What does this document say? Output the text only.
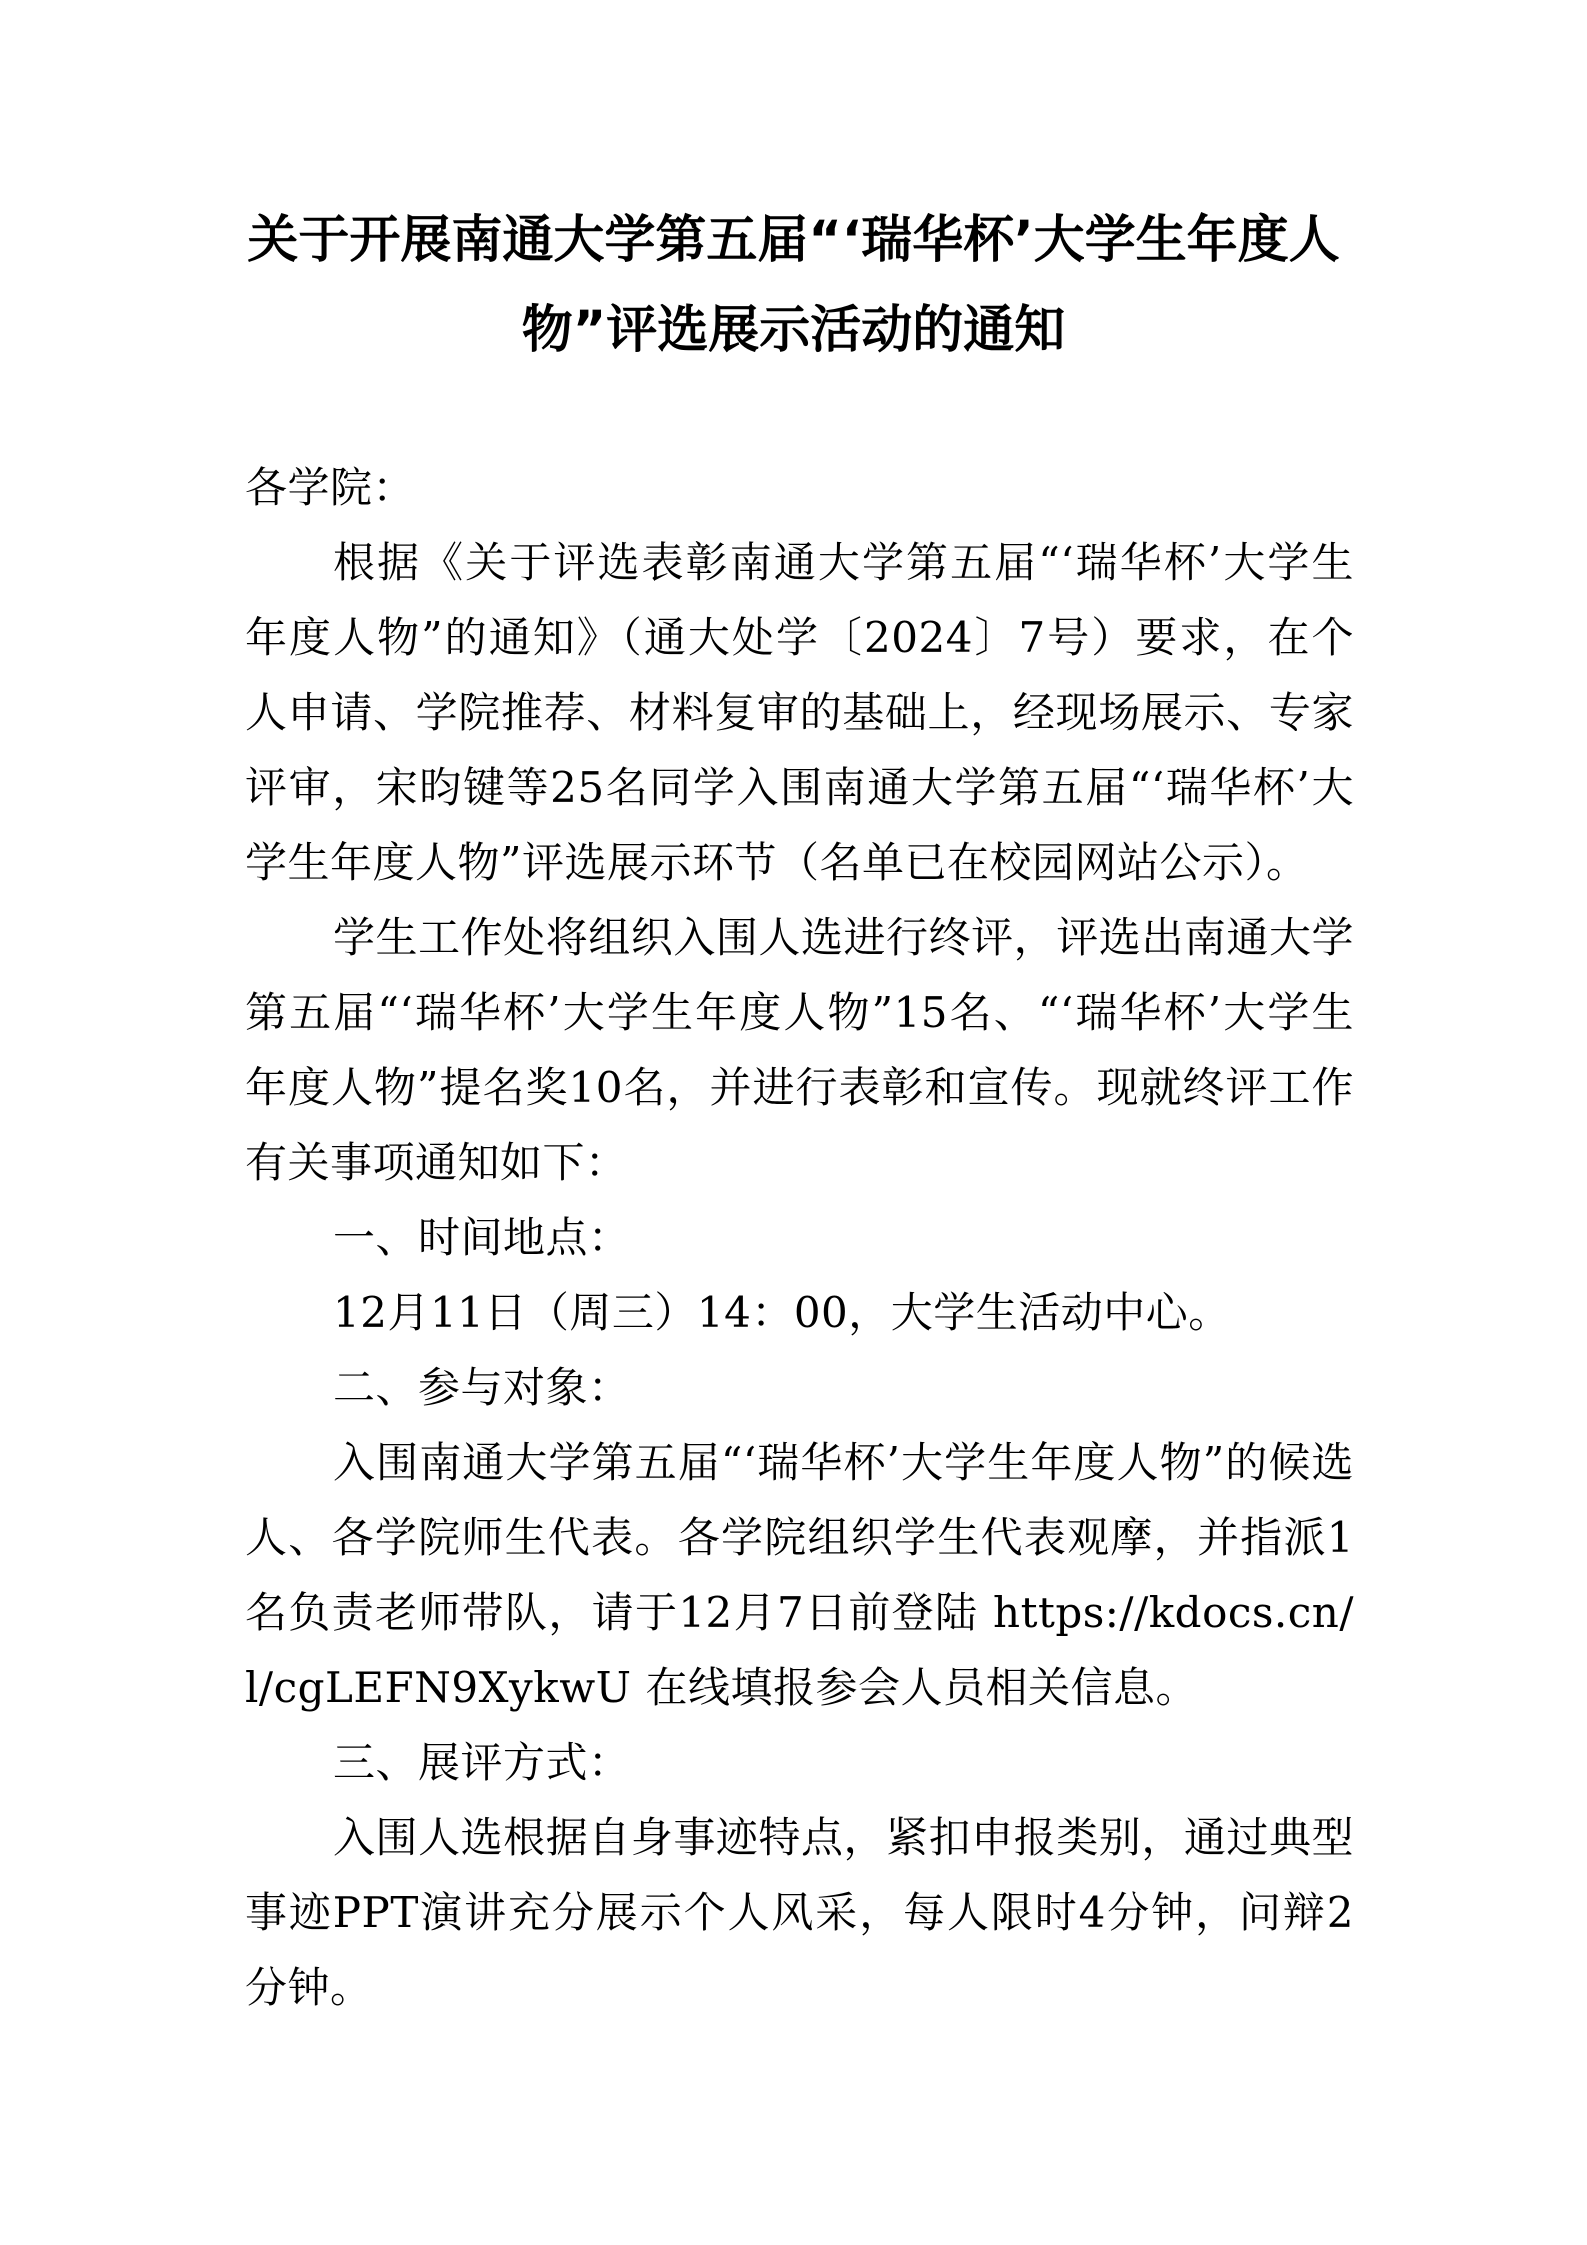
关于开展南通大学第五届“‘瑞华杯’大学生年度人物”评选展示活动的通知

各学院：

根据《关于评选表彰南通大学第五届“‘瑞华杯’大学生年度人物”的通知》（通大处学〔2024〕7号）要求，在个人申请、学院推荐、材料复审的基础上，经现场展示、专家评审，宋昀键等25名同学入围南通大学第五届“‘瑞华杯’大学生年度人物”评选展示环节（名单已在校园网站公示）。

学生工作处将组织入围人选进行终评，评选出南通大学第五届“‘瑞华杯’大学生年度人物”15名、“‘瑞华杯’大学生年度人物”提名奖10名，并进行表彰和宣传。现就终评工作有关事项通知如下：

一、时间地点：

12月11日（周三）14：00，大学生活动中心。

二、参与对象：

入围南通大学第五届“‘瑞华杯’大学生年度人物”的候选人、各学院师生代表。各学院组织学生代表观摩，并指派1名负责老师带队，请于12月7日前登陆 https://kdocs.cn/l/cgLEFN9XykwU 在线填报参会人员相关信息。

三、展评方式：

入围人选根据自身事迹特点，紧扣申报类别，通过典型事迹PPT演讲充分展示个人风采，每人限时4分钟，问辩2分钟。
